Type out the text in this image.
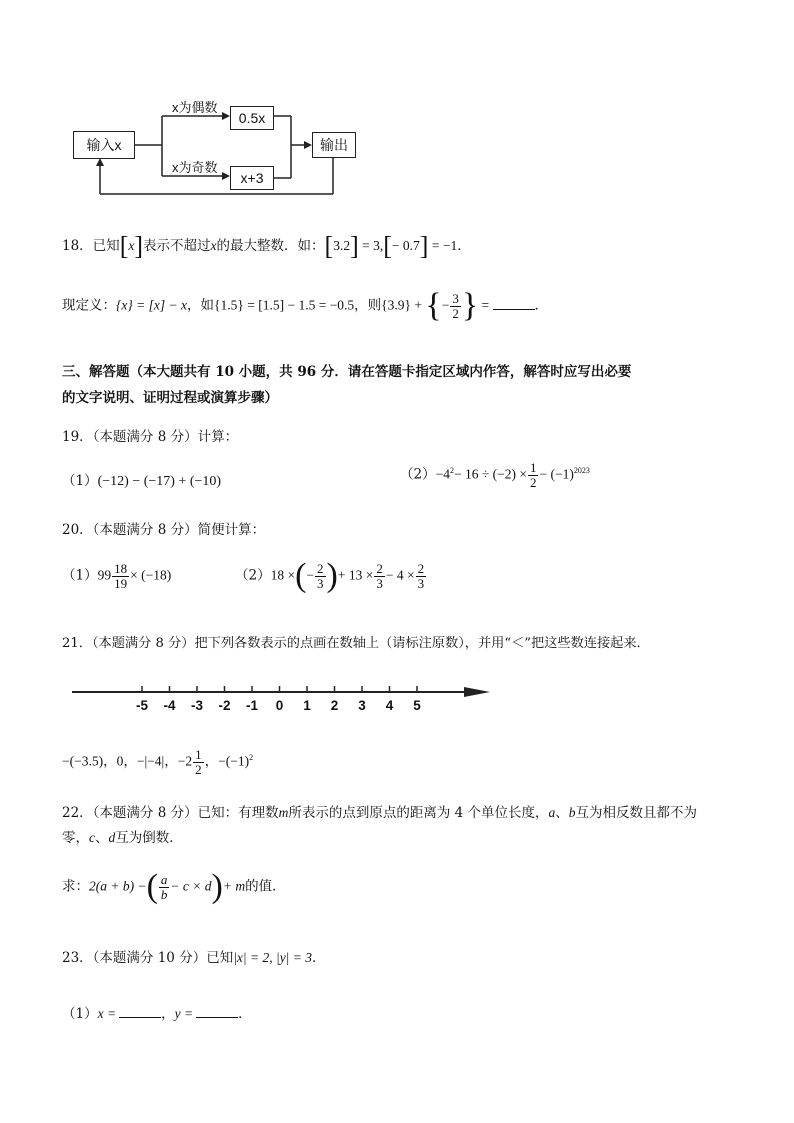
输入x
x为偶数
0.5x
x为奇数
x+3
输出
18．已知[x]表示不超过x的最大整数．如：[3.2] = 3,[− 0.7] = −1．
现定义：{x} = [x] − x，如{1.5} = [1.5] − 1.5 = −0.5，则{3.9} + {− $\frac{3}{2}$ } =	．
三、解答题（本大题共有 10 小题，共 96 分．请在答题卡指定区域内作答，解答时应写出必要
的文字说明、证明过程或演算步骤）
19．（本题满分 8 分）计算：
（1）(−12) − (−17) + (−10)	$(2)-4^2- 16 \div (-2) \times \frac{1}{2} - (-1)^{2023}$
20．（本题满分 8 分）简便计算：
$(1)99 \frac{18}{19} \times (-18)$	（2）18 ×(− $\frac{2}{3}$ )+ $13 \times \frac{2}{3} - 4 \times \frac{2}{3}$
21．（本题满分 8 分）把下列各数表示的点画在数轴上（请标注原数），并用“＜”把这些数连接起来．
-5 -4 -3 -2 -1	0	1	2	3	4	5
−(−3.5)，0，−|−4|，$-2 \frac{1}{2}$ ，$-(-1)^2$
22．（本题满分 8 分）已知：有理数m所表示的点到原点的距离为 4 个单位长度，a、b互为相反数且都不为
零，c、d互为倒数．
求：2(a + b) −( $\frac{a}{b} - c \times d)+ m$的值．
23．（本题满分 10 分）已知|x| = 2, |y| = 3．
（1）x =	，y =	．
